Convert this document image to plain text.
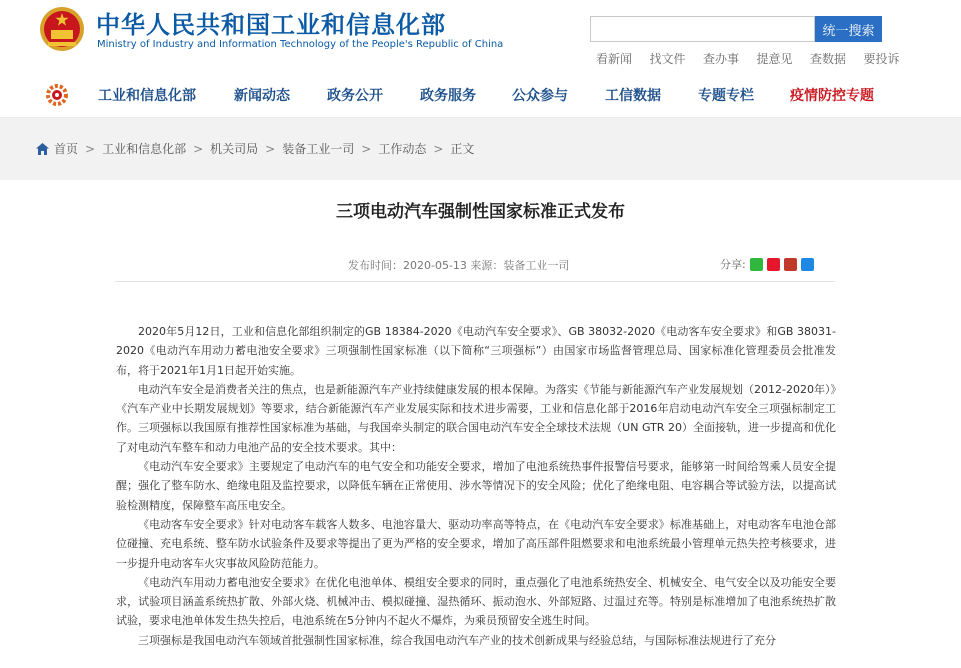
中华人民共和国工业和信息化部
Ministry of Industry and Information Technology of the People's Republic of China
统一搜索
看新闻	找文件	查办事	提意见	查数据	要投诉
工业和信息化部	新闻动态	政务公开	政务服务	公众参与	工信数据	专题专栏	疫情防控专题
首页 > 工业和信息化部 > 机关司局 > 装备工业一司 > 工作动态 > 正文
三项电动汽车强制性国家标准正式发布
发布时间：2020-05-13 来源：装备工业一司	分享:

2020年5月12日，工业和信息化部组织制定的GB 18384-2020《电动汽车安全要求》、GB 38032-2020《电动客车安全要求》和GB 38031-2020《电动汽车用动力蓄电池安全要求》三项强制性国家标准（以下简称“三项强标”）由国家市场监督管理总局、国家标准化管理委员会批准发布，将于2021年1月1日起开始实施。

电动汽车安全是消费者关注的焦点，也是新能源汽车产业持续健康发展的根本保障。为落实《节能与新能源汽车产业发展规划（2012-2020年）》《汽车产业中长期发展规划》等要求，结合新能源汽车产业发展实际和技术进步需要，工业和信息化部于2016年启动电动汽车安全三项强标制定工作。三项强标以我国原有推荐性国家标准为基础，与我国牵头制定的联合国电动汽车安全全球技术法规（UN GTR 20）全面接轨，进一步提高和优化了对电动汽车整车和动力电池产品的安全技术要求。其中：

《电动汽车安全要求》主要规定了电动汽车的电气安全和功能安全要求，增加了电池系统热事件报警信号要求，能够第一时间给驾乘人员安全提醒；强化了整车防水、绝缘电阻及监控要求，以降低车辆在正常使用、涉水等情况下的安全风险；优化了绝缘电阻、电容耦合等试验方法，以提高试验检测精度，保障整车高压电安全。

《电动客车安全要求》针对电动客车载客人数多、电池容量大、驱动功率高等特点，在《电动汽车安全要求》标准基础上，对电动客车电池仓部位碰撞、充电系统、整车防水试验条件及要求等提出了更为严格的安全要求，增加了高压部件阻燃要求和电池系统最小管理单元热失控考核要求，进一步提升电动客车火灾事故风险防范能力。

《电动汽车用动力蓄电池安全要求》在优化电池单体、模组安全要求的同时，重点强化了电池系统热安全、机械安全、电气安全以及功能安全要求，试验项目涵盖系统热扩散、外部火烧、机械冲击、模拟碰撞、湿热循环、振动泡水、外部短路、过温过充等。特别是标准增加了电池系统热扩散试验，要求电池单体发生热失控后，电池系统在5分钟内不起火不爆炸，为乘员预留安全逃生时间。

三项强标是我国电动汽车领域首批强制性国家标准，综合我国电动汽车产业的技术创新成果与经验总结，与国际标准法规进行了充分
